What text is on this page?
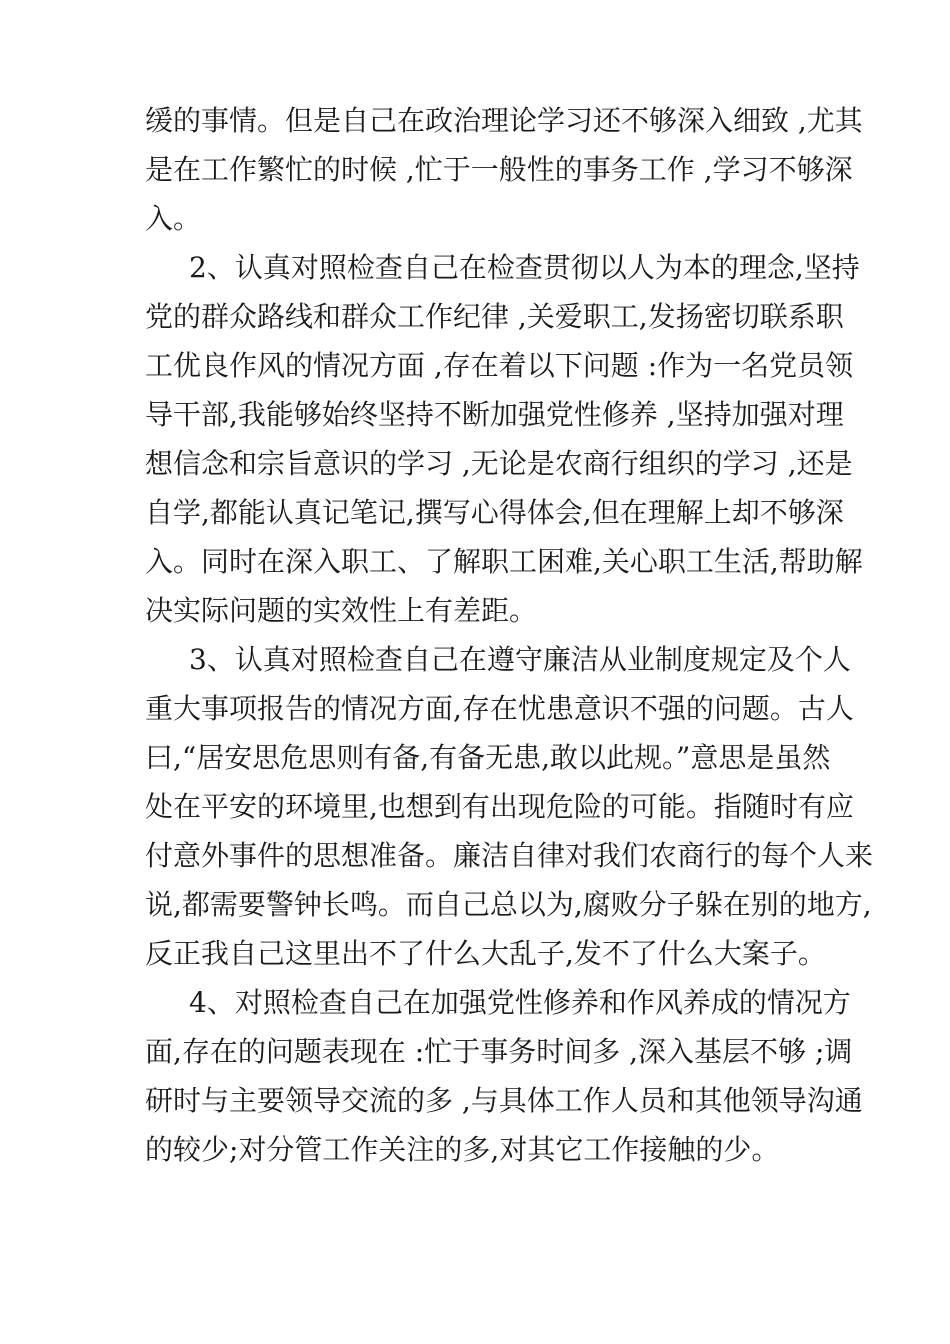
缓的事情。但是自己在政治理论学习还不够深入细致 ,尤其
是在工作繁忙的时候 ,忙于一般性的事务工作 ,学习不够深
入。
2、认真对照检查自己在检查贯彻以人为本的理念,坚持
党的群众路线和群众工作纪律 ,关爱职工,发扬密切联系职
工优良作风的情况方面 ,存在着以下问题 :作为一名党员领
导干部,我能够始终坚持不断加强党性修养 ,坚持加强对理
想信念和宗旨意识的学习 ,无论是农商行组织的学习 ,还是
自学,都能认真记笔记,撰写心得体会,但在理解上却不够深
入。同时在深入职工、了解职工困难,关心职工生活,帮助解
决实际问题的实效性上有差距。
3、认真对照检查自己在遵守廉洁从业制度规定及个人
重大事项报告的情况方面,存在忧患意识不强的问题。古人
曰,“居安思危思则有备,有备无患,敢以此规。”意思是虽然
处在平安的环境里,也想到有出现危险的可能。指随时有应
付意外事件的思想准备。廉洁自律对我们农商行的每个人来
说,都需要警钟长鸣。而自己总以为,腐败分子躲在别的地方,
反正我自己这里出不了什么大乱子,发不了什么大案子。
4、对照检查自己在加强党性修养和作风养成的情况方
面,存在的问题表现在 :忙于事务时间多 ,深入基层不够 ;调
研时与主要领导交流的多 ,与具体工作人员和其他领导沟通
的较少;对分管工作关注的多,对其它工作接触的少。
